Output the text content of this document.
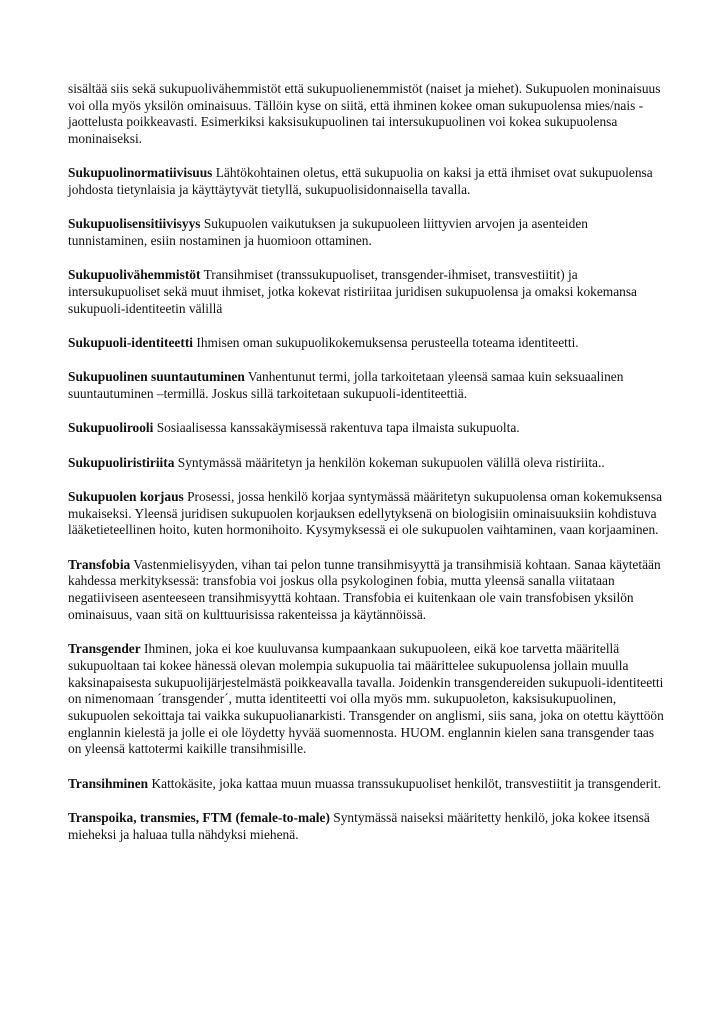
sisältää siis sekä sukupuolivähemmistöt että sukupuolienemmistöt (naiset ja miehet). Sukupuolen moninaisuus voi olla myös yksilön ominaisuus. Tällöin kyse on siitä, että ihminen kokee oman sukupuolensa mies/nais -jaottelusta poikkeavasti. Esimerkiksi kaksisukupuolinen tai intersukupuolinen voi kokea sukupuolensa moninaiseksi.

Sukupuolinormatiivisuus Lähtökohtainen oletus, että sukupuolia on kaksi ja että ihmiset ovat sukupuolensa johdosta tietynlaisia ja käyttäytyvät tietyllä, sukupuolisidonnaisella tavalla.

Sukupuolisensitiivisyys Sukupuolen vaikutuksen ja sukupuoleen liittyvien arvojen ja asenteiden tunnistaminen, esiin nostaminen ja huomioon ottaminen.

Sukupuolivähemmistöt Transihmiset (transsukupuoliset, transgender-ihmiset, transvestiitit) ja intersukupuoliset sekä muut ihmiset, jotka kokevat ristiriitaa juridisen sukupuolensa ja omaksi kokemansa sukupuoli-identiteetin välillä

Sukupuoli-identiteetti Ihmisen oman sukupuolikokemuksensa perusteella toteama identiteetti.

Sukupuolinen suuntautuminen Vanhentunut termi, jolla tarkoitetaan yleensä samaa kuin seksuaalinen suuntautuminen –termillä. Joskus sillä tarkoitetaan sukupuoli-identiteettiä.

Sukupuolirooli Sosiaalisessa kanssakäymisessä rakentuva tapa ilmaista sukupuolta.

Sukupuoliristiriita Syntymässä määritetyn ja henkilön kokeman sukupuolen välillä oleva ristiriita..

Sukupuolen korjaus Prosessi, jossa henkilö korjaa syntymässä määritetyn sukupuolensa oman kokemuksensa mukaiseksi. Yleensä juridisen sukupuolen korjauksen edellytyksenä on biologisiin ominaisuuksiin kohdistuva lääketieteellinen hoito, kuten hormonihoito. Kysymyksessä ei ole sukupuolen vaihtaminen, vaan korjaaminen.

Transfobia Vastenmielisyyden, vihan tai pelon tunne transihmisyyttä ja transihmisiä kohtaan. Sanaa käytetään kahdessa merkityksessä: transfobia voi joskus olla psykologinen fobia, mutta yleensä sanalla viitataan negatiiviseen asenteeseen transihmisyyttä kohtaan. Transfobia ei kuitenkaan ole vain transfobisen yksilön ominaisuus, vaan sitä on kulttuurisissa rakenteissa ja käytännöissä.

Transgender Ihminen, joka ei koe kuuluvansa kumpaankaan sukupuoleen, eikä koe tarvetta määritellä sukupuoltaan tai kokee hänessä olevan molempia sukupuolia tai määrittelee sukupuolensa jollain muulla kaksinapaisesta sukupuolijärjestelmästä poikkeavalla tavalla. Joidenkin transgendereiden sukupuoli-identiteetti on nimenomaan ´transgender´, mutta identiteetti voi olla myös mm. sukupuoleton, kaksisukupuolinen, sukupuolen sekoittaja tai vaikka sukupuolianarkisti. Transgender on anglismi, siis sana, joka on otettu käyttöön englannin kielestä ja jolle ei ole löydetty hyvää suomennosta. HUOM. englannin kielen sana transgender taas on yleensä kattotermi kaikille transihmisille.

Transihminen Kattokäsite, joka kattaa muun muassa transsukupuoliset henkilöt, transvestiitit ja transgenderit.

Transpoika, transmies, FTM (female-to-male) Syntymässä naiseksi määritetty henkilö, joka kokee itsensä mieheksi ja haluaa tulla nähdyksi miehenä.
